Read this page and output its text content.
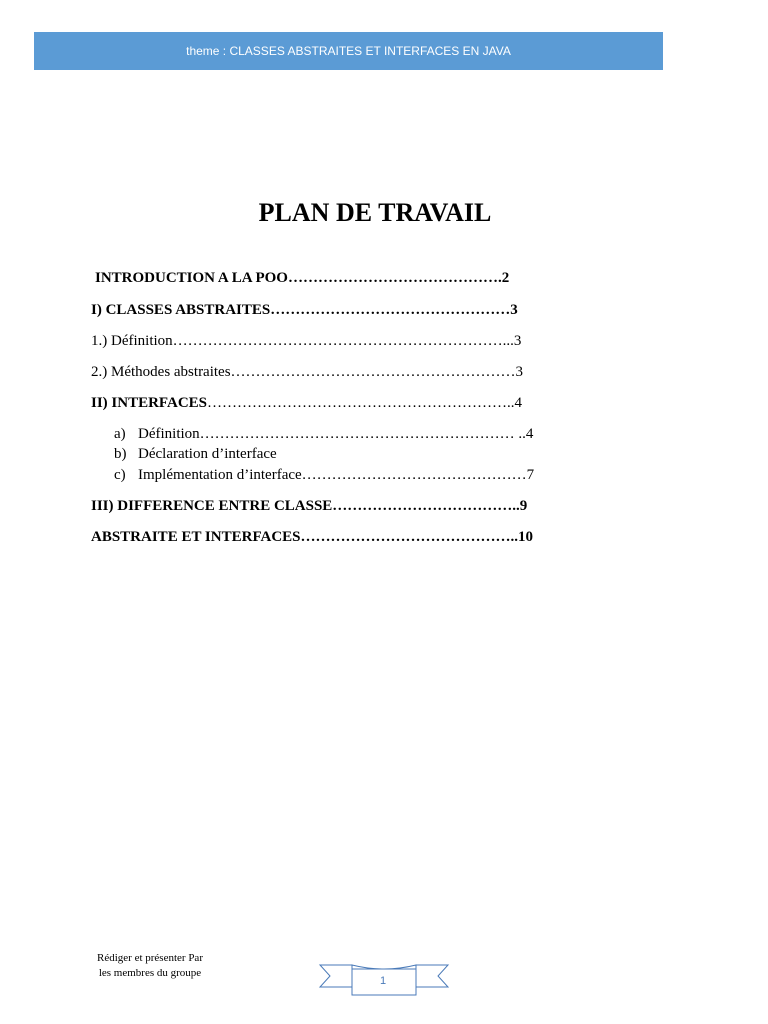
theme : CLASSES ABSTRAITES ET INTERFACES EN JAVA
PLAN DE TRAVAIL
INTRODUCTION A LA POO…………………………………….2
I) CLASSES ABSTRAITES…………………………………………3
1.) Définition…………………………………………………………...3
2.) Méthodes abstraites…………………………………………………3
II) INTERFACES……………………………………………………..4
a) Définition……………………………………………………… ..4
b) Déclaration d’interface
c) Implémentation d’interface………………………………………7
III) DIFFERENCE ENTRE CLASSE………………………………..9
ABSTRAITE ET INTERFACES……………………………………..10
Rédiger et présenter Par
les membres du groupe
1
